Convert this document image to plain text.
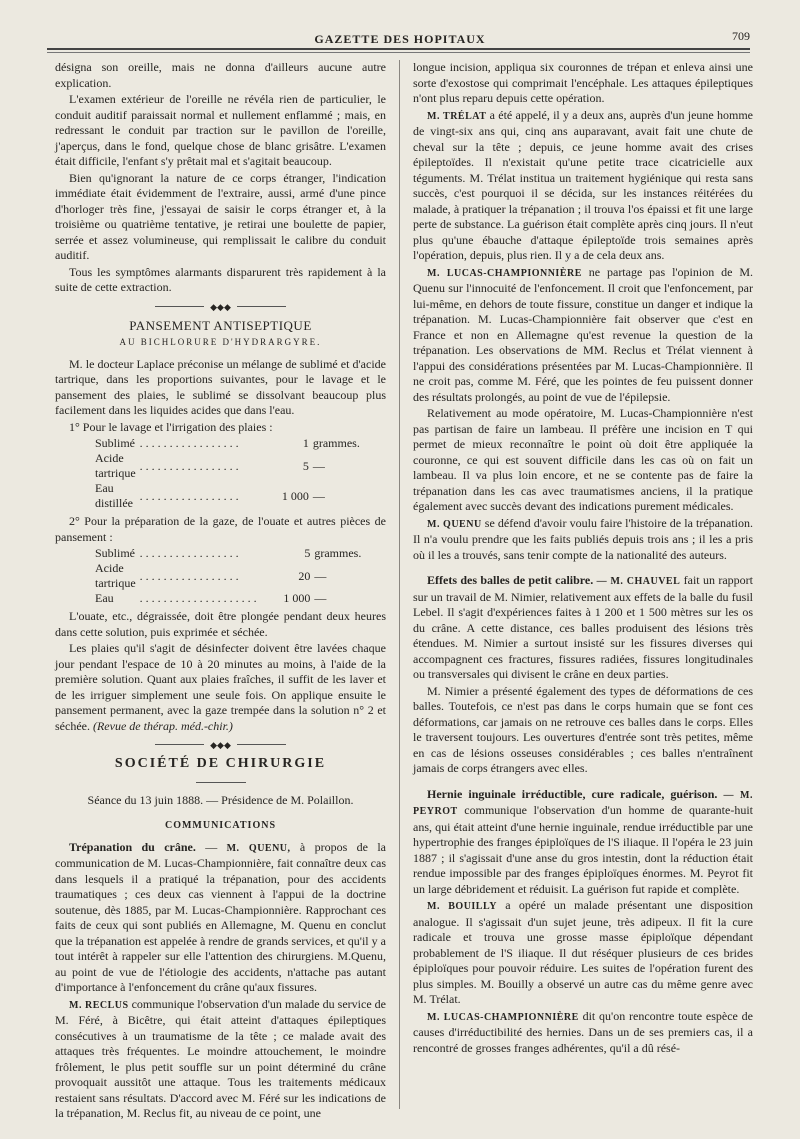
GAZETTE DES HOPITAUX	709

désigna son oreille, mais ne donna d'ailleurs aucune autre explication.

L'examen extérieur de l'oreille ne révéla rien de particulier, le conduit auditif paraissait normal et nullement enflammé ; mais, en redressant le conduit par traction sur le pavillon de l'oreille, j'aperçus, dans le fond, quelque chose de blanc grisâtre. L'examen était difficile, l'enfant s'y prêtait mal et s'agitait beaucoup.

Bien qu'ignorant la nature de ce corps étranger, l'indication immédiate était évidemment de l'extraire, aussi, armé d'une pince d'horloger très fine, j'essayai de saisir le corps étranger et, à la troisième ou quatrième tentative, je retirai une boulette de papier, serrée et assez volumineuse, qui remplissait le calibre du conduit auditif.

Tous les symptômes alarmants disparurent très rapidement à la suite de cette extraction.

◆◆◆
PANSEMENT ANTISEPTIQUE
AU BICHLORURE D'HYDRARGYRE.

M. le docteur Laplace préconise un mélange de sublimé et d'acide tartrique, dans les proportions suivantes, pour le lavage et le pansement des plaies, le sublimé se dissolvant beaucoup plus facilement dans les liquides acides que dans l'eau.

1° Pour le lavage et l'irrigation des plaies :

Sublimé	. . . . . . . . . . . . . . . . .	1	grammes.
Acide tartrique	. . . . . . . . . . . . . . . . .	5	—
Eau distillée	. . . . . . . . . . . . . . . . .	1 000	—

2° Pour la préparation de la gaze, de l'ouate et autres pièces de pansement :

Sublimé	. . . . . . . . . . . . . . . . .	5	grammes.
Acide tartrique	. . . . . . . . . . . . . . . . .	20	—
Eau	. . . . . . . . . . . . . . . . . . . .	1 000	—

L'ouate, etc., dégraissée, doit être plongée pendant deux heures dans cette solution, puis exprimée et séchée.

Les plaies qu'il s'agit de désinfecter doivent être lavées chaque jour pendant l'espace de 10 à 20 minutes au moins, à l'aide de la première solution. Quant aux plaies fraîches, il suffit de les laver et de les irriguer simplement une seule fois. On applique ensuite le pansement permanent, avec la gaze trempée dans la solution n° 2 et séchée. (Revue de thérap. méd.-chir.)

◆◆◆
SOCIÉTÉ DE CHIRURGIE
Séance du 13 juin 1888. — Présidence de M. Polaillon.
COMMUNICATIONS

Trépanation du crâne. — M. QUENU, à propos de la communication de M. Lucas-Championnière, fait connaître deux cas dans lesquels il a pratiqué la trépanation, pour des accidents traumatiques ; ces deux cas viennent à l'appui de la doctrine soutenue, dès 1885, par M. Lucas-Championnière. Rapprochant ces faits de ceux qui sont publiés en Allemagne, M. Quenu en conclut que la trépanation est appelée à rendre de grands services, et qu'il y a tout intérêt à rappeler sur elle l'attention des chirurgiens. M.Quenu, au point de vue de l'étiologie des accidents, n'attache pas autant d'importance à l'enfoncement du crâne qu'aux fissures.

M. RECLUS communique l'observation d'un malade du service de M. Féré, à Bicêtre, qui était atteint d'attaques épileptiques consécutives à un traumatisme de la tête ; ce malade avait des attaques très fréquentes. Le moindre attouchement, le moindre frôlement, le plus petit souffle sur un point déterminé du crâne provoquait aussitôt une attaque. Tous les traitements médicaux restaient sans résultats. D'accord avec M. Féré sur les indications de la trépanation, M. Reclus fit, au niveau de ce point, une

longue incision, appliqua six couronnes de trépan et enleva ainsi une sorte d'exostose qui comprimait l'encéphale. Les attaques épileptiques n'ont plus reparu depuis cette opération.

M. TRÉLAT a été appelé, il y a deux ans, auprès d'un jeune homme de vingt-six ans qui, cinq ans auparavant, avait fait une chute de cheval sur la tête ; depuis, ce jeune homme avait des crises épileptoïdes. Il n'existait qu'une petite trace cicatricielle aux téguments. M. Trélat institua un traitement hygiénique qui resta sans succès, c'est pourquoi il se décida, sur les instances réitérées du malade, à pratiquer la trépanation ; il trouva l'os épaissi et fit une large perte de substance. La guérison était complète après cinq jours. Il n'eut plus qu'une ébauche d'attaque épileptoïde trois semaines après l'opération, depuis, plus rien. Il y a de cela deux ans.

M. LUCAS-CHAMPIONNIÈRE ne partage pas l'opinion de M. Quenu sur l'innocuité de l'enfoncement. Il croit que l'enfoncement, par lui-même, en dehors de toute fissure, constitue un danger et indique la trépanation. M. Lucas-Championnière fait observer que c'est en France et non en Allemagne qu'est revenue la question de la trépanation. Les observations de MM. Reclus et Trélat viennent à l'appui des considérations présentées par M. Lucas-Championnière. Il ne croit pas, comme M. Féré, que les pointes de feu puissent donner des résultats prolongés, au point de vue de l'épilepsie.

Relativement au mode opératoire, M. Lucas-Championnière n'est pas partisan de faire un lambeau. Il préfère une incision en T qui permet de mieux reconnaître le point où doit être appliquée la couronne, ce qui est souvent difficile dans les cas où on fait un lambeau. Il va plus loin encore, et ne se contente pas de faire la trépanation dans les cas avec traumatismes anciens, il la pratique également avec succès devant des indications purement médicales.

M. QUENU se défend d'avoir voulu faire l'histoire de la trépanation. Il n'a voulu prendre que les faits publiés depuis trois ans ; il les a pris où il les a trouvés, sans tenir compte de la nationalité des auteurs.

Effets des balles de petit calibre. — M. CHAUVEL fait un rapport sur un travail de M. Nimier, relativement aux effets de la balle du fusil Lebel. Il s'agit d'expériences faites à 1 200 et 1 500 mètres sur les os du crâne. A cette distance, ces balles produisent des lésions très étendues. M. Nimier a surtout insisté sur les fissures diverses qui accompagnent ces fractures, fissures radiées, fissures longitudinales ou transversales qui divisent le crâne en deux parties.

M. Nimier a présenté également des types de déformations de ces balles. Toutefois, ce n'est pas dans le corps humain que se font ces déformations, car jamais on ne retrouve ces balles dans le corps. Elles le traversent toujours. Les ouvertures d'entrée sont très petites, même en cas de lésions osseuses considérables ; ces balles n'entraînent jamais de corps étrangers avec elles.

Hernie inguinale irréductible, cure radicale, guérison. — M. PEYROT communique l'observation d'un homme de quarante-huit ans, qui était atteint d'une hernie inguinale, rendue irréductible par une hypertrophie des franges épiploïques de l'S iliaque. Il l'opéra le 23 juin 1887 ; il s'agissait d'une anse du gros intestin, dont la réduction était rendue impossible par des franges épiploïques énormes. M. Peyrot fit un large débridement et réduisit. La guérison fut rapide et complète.

M. BOUILLY a opéré un malade présentant une disposition analogue. Il s'agissait d'un sujet jeune, très adipeux. Il fit la cure radicale et trouva une grosse masse épiploïque dépendant probablement de l'S iliaque. Il dut réséquer plusieurs de ces brides épiploïques pour pouvoir réduire. Les suites de l'opération furent des plus simples. M. Bouilly a observé un autre cas du même genre avec M. Trélat.

M. LUCAS-CHAMPIONNIÈRE dit qu'on rencontre toute espèce de causes d'irréductibilité des hernies. Dans un de ses premiers cas, il a rencontré de grosses franges adhérentes, qu'il a dû résé-
